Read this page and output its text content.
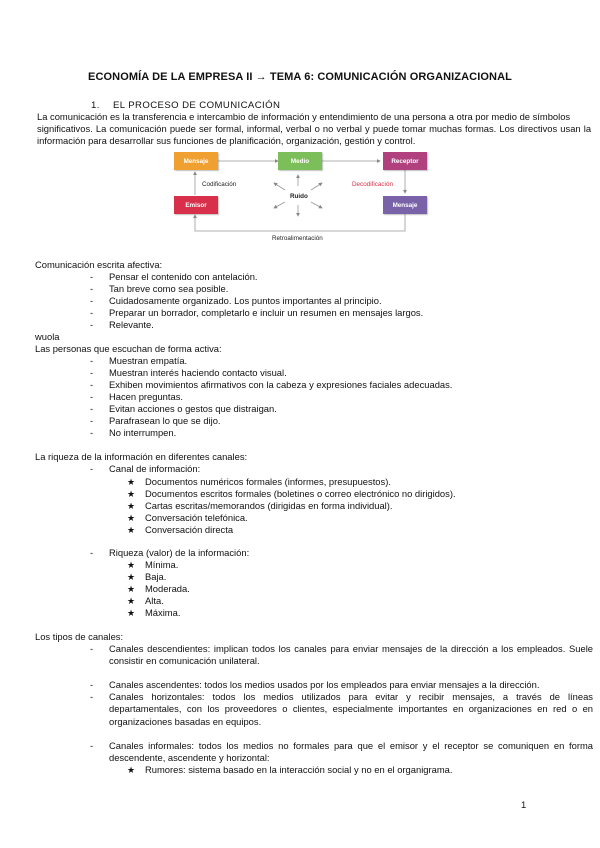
ECONOMÍA DE LA EMPRESA II → TEMA 6: COMUNICACIÓN ORGANIZACIONAL
1. EL PROCESO DE COMUNICACIÓN
La comunicación es la transferencia e intercambio de información y entendimiento de una persona a otra por medio de símbolos
significativos. La comunicación puede ser formal, informal, verbal o no verbal y puede tomar muchas formas. Los directivos usan la
información para desarrollar sus funciones de planificación, organización, gestión y control.
Mensaje	Medio	Receptor
Emisor	Mensaje
Codificación	Decodificación
Ruido
Retroalimentación
Comunicación escrita afectiva:
- Pensar el contenido con antelación.
- Tan breve como sea posible.
- Cuidadosamente organizado. Los puntos importantes al principio.
- Preparar un borrador, completarlo e incluir un resumen en mensajes largos.
- Relevante.
wuola
Las personas que escuchan de forma activa:
- Muestran empatía.
- Muestran interés haciendo contacto visual.
- Exhiben movimientos afirmativos con la cabeza y expresiones faciales adecuadas.
- Hacen preguntas.
- Evitan acciones o gestos que distraigan.
- Parafrasean lo que se dijo.
- No interrumpen.
La riqueza de la información en diferentes canales:
- Canal de información:
★ Documentos numéricos formales (informes, presupuestos).
★ Documentos escritos formales (boletines o correo electrónico no dirigidos).
★ Cartas escritas/memorandos (dirigidas en forma individual).
★ Conversación telefónica.
★ Conversación directa
- Riqueza (valor) de la información:
★ Mínima.
★ Baja.
★ Moderada.
★ Alta.
★ Máxima.
Los tipos de canales:
- Canales descendientes: implican todos los canales para enviar mensajes de la dirección a los empleados. Suele consistir en comunicación unilateral.
- Canales ascendentes: todos los medios usados por los empleados para enviar mensajes a la dirección.
- Canales horizontales: todos los medios utilizados para evitar y recibir mensajes, a través de líneas departamentales, con los proveedores o clientes, especialmente importantes en organizaciones en red o en organizaciones basadas en equipos.
- Canales informales: todos los medios no formales para que el emisor y el receptor se comuniquen en forma descendente, ascendente y horizontal:
★ Rumores: sistema basado en la interacción social y no en el organigrama.
1
